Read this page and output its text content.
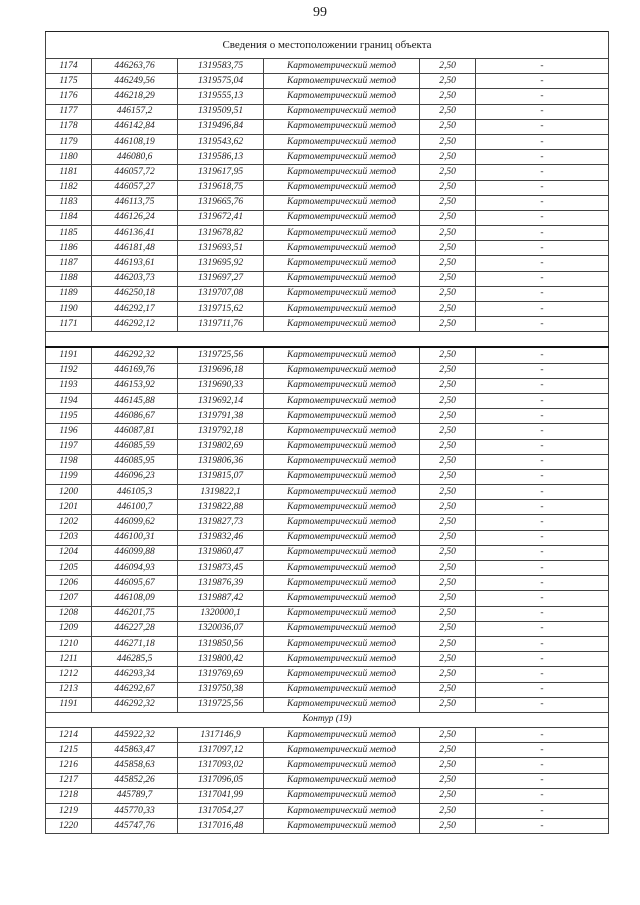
99
Сведения о местоположении границ объекта					
1174	446263,76	1319583,75	Картометрический метод	2,50	-
1175	446249,56	1319575,04	Картометрический метод	2,50	-
1176	446218,29	1319555,13	Картометрический метод	2,50	-
1177	446157,2	1319509,51	Картометрический метод	2,50	-
1178	446142,84	1319496,84	Картометрический метод	2,50	-
1179	446108,19	1319543,62	Картометрический метод	2,50	-
1180	446080,6	1319586,13	Картометрический метод	2,50	-
1181	446057,72	1319617,95	Картометрический метод	2,50	-
1182	446057,27	1319618,75	Картометрический метод	2,50	-
1183	446113,75	1319665,76	Картометрический метод	2,50	-
1184	446126,24	1319672,41	Картометрический метод	2,50	-
1185	446136,41	1319678,82	Картометрический метод	2,50	-
1186	446181,48	1319693,51	Картометрический метод	2,50	-
1187	446193,61	1319695,92	Картометрический метод	2,50	-
1188	446203,73	1319697,27	Картометрический метод	2,50	-
1189	446250,18	1319707,08	Картометрический метод	2,50	-
1190	446292,17	1319715,62	Картометрический метод	2,50	-
1171	446292,12	1319711,76	Картометрический метод	2,50	-

1191	446292,32	1319725,56	Картометрический метод	2,50	-
1192	446169,76	1319696,18	Картометрический метод	2,50	-
1193	446153,92	1319690,33	Картометрический метод	2,50	-
1194	446145,88	1319692,14	Картометрический метод	2,50	-
1195	446086,67	1319791,38	Картометрический метод	2,50	-
1196	446087,81	1319792,18	Картометрический метод	2,50	-
1197	446085,59	1319802,69	Картометрический метод	2,50	-
1198	446085,95	1319806,36	Картометрический метод	2,50	-
1199	446096,23	1319815,07	Картометрический метод	2,50	-
1200	446105,3	1319822,1	Картометрический метод	2,50	-
1201	446100,7	1319822,88	Картометрический метод	2,50	-
1202	446099,62	1319827,73	Картометрический метод	2,50	-
1203	446100,31	1319832,46	Картометрический метод	2,50	-
1204	446099,88	1319860,47	Картометрический метод	2,50	-
1205	446094,93	1319873,45	Картометрический метод	2,50	-
1206	446095,67	1319876,39	Картометрический метод	2,50	-
1207	446108,09	1319887,42	Картометрический метод	2,50	-
1208	446201,75	1320000,1	Картометрический метод	2,50	-
1209	446227,28	1320036,07	Картометрический метод	2,50	-
1210	446271,18	1319850,56	Картометрический метод	2,50	-
1211	446285,5	1319800,42	Картометрический метод	2,50	-
1212	446293,34	1319769,69	Картометрический метод	2,50	-
1213	446292,67	1319750,38	Картометрический метод	2,50	-
1191	446292,32	1319725,56	Картометрический метод	2,50	-
Контур (19)					
1214	445922,32	1317146,9	Картометрический метод	2,50	-
1215	445863,47	1317097,12	Картометрический метод	2,50	-
1216	445858,63	1317093,02	Картометрический метод	2,50	-
1217	445852,26	1317096,05	Картометрический метод	2,50	-
1218	445789,7	1317041,99	Картометрический метод	2,50	-
1219	445770,33	1317054,27	Картометрический метод	2,50	-
1220	445747,76	1317016,48	Картометрический метод	2,50	-
